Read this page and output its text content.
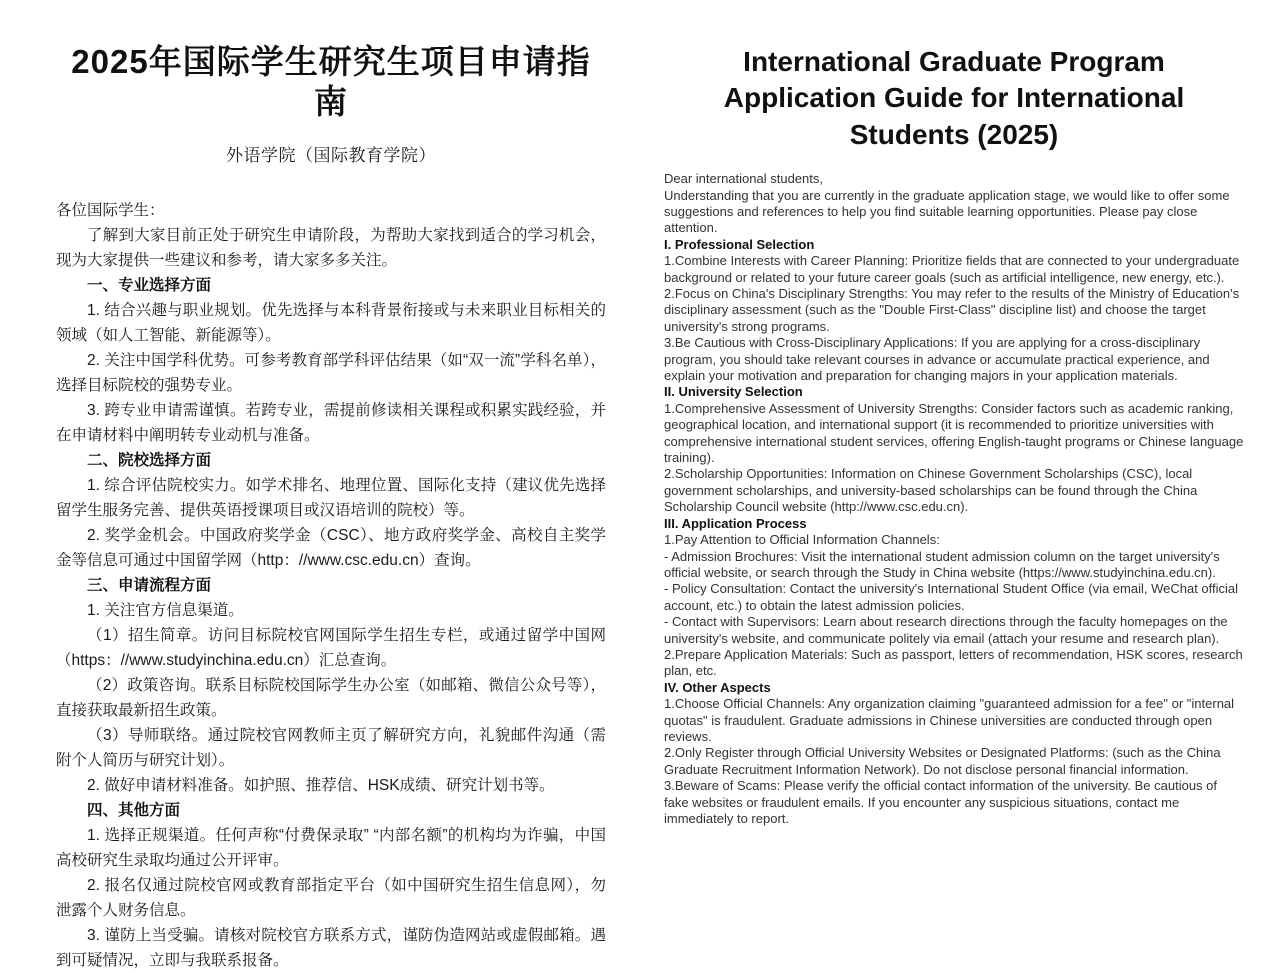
2025年国际学生研究生项目申请指南

外语学院（国际教育学院）

各位国际学生：

了解到大家目前正处于研究生申请阶段，为帮助大家找到适合的学习机会，现为大家提供一些建议和参考，请大家多多关注。

一、专业选择方面

1. 结合兴趣与职业规划。优先选择与本科背景衔接或与未来职业目标相关的领域（如人工智能、新能源等）。

2. 关注中国学科优势。可参考教育部学科评估结果（如“双一流”学科名单），选择目标院校的强势专业。

3. 跨专业申请需谨慎。若跨专业，需提前修读相关课程或积累实践经验，并在申请材料中阐明转专业动机与准备。

二、院校选择方面

1. 综合评估院校实力。如学术排名、地理位置、国际化支持（建议优先选择留学生服务完善、提供英语授课项目或汉语培训的院校）等。

2. 奖学金机会。中国政府奖学金（CSC）、地方政府奖学金、高校自主奖学金等信息可通过中国留学网（http：//www.csc.edu.cn）查询。

三、申请流程方面

1. 关注官方信息渠道。

（1）招生简章。访问目标院校官网国际学生招生专栏，或通过留学中国网（https：//www.studyinchina.edu.cn）汇总查询。

（2）政策咨询。联系目标院校国际学生办公室（如邮箱、微信公众号等），直接获取最新招生政策。

（3）导师联络。通过院校官网教师主页了解研究方向，礼貌邮件沟通（需附个人简历与研究计划）。

2. 做好申请材料准备。如护照、推荐信、HSK成绩、研究计划书等。

四、其他方面

1. 选择正规渠道。任何声称“付费保录取” “内部名额”的机构均为诈骗，中国高校研究生录取均通过公开评审。

2. 报名仅通过院校官网或教育部指定平台（如中国研究生招生信息网），勿泄露个人财务信息。

3. 谨防上当受骗。请核对院校官方联系方式，谨防伪造网站或虚假邮箱。遇到可疑情况，立即与我联系报备。

International Graduate Program Application Guide for International Students (2025)

Dear international students,

Understanding that you are currently in the graduate application stage, we would like to offer some suggestions and references to help you find suitable learning opportunities. Please pay close attention.

I. Professional Selection

1.Combine Interests with Career Planning: Prioritize fields that are connected to your undergraduate background or related to your future career goals (such as artificial intelligence, new energy, etc.).

2.Focus on China's Disciplinary Strengths: You may refer to the results of the Ministry of Education's disciplinary assessment (such as the "Double First-Class" discipline list) and choose the target university's strong programs.

3.Be Cautious with Cross-Disciplinary Applications: If you are applying for a cross-disciplinary program, you should take relevant courses in advance or accumulate practical experience, and explain your motivation and preparation for changing majors in your application materials.

II. University Selection

1.Comprehensive Assessment of University Strengths: Consider factors such as academic ranking, geographical location, and international support (it is recommended to prioritize universities with comprehensive international student services, offering English-taught programs or Chinese language training).

2.Scholarship Opportunities: Information on Chinese Government Scholarships (CSC), local government scholarships, and university-based scholarships can be found through the China Scholarship Council website (http://www.csc.edu.cn).

III. Application Process

1.Pay Attention to Official Information Channels:

- Admission Brochures: Visit the international student admission column on the target university's official website, or search through the Study in China website (https://www.studyinchina.edu.cn).

- Policy Consultation: Contact the university's International Student Office (via email, WeChat official account, etc.) to obtain the latest admission policies.

- Contact with Supervisors: Learn about research directions through the faculty homepages on the university's website, and communicate politely via email (attach your resume and research plan).

2.Prepare Application Materials: Such as passport, letters of recommendation, HSK scores, research plan, etc.

IV. Other Aspects

1.Choose Official Channels: Any organization claiming "guaranteed admission for a fee" or "internal quotas" is fraudulent. Graduate admissions in Chinese universities are conducted through open reviews.

2.Only Register through Official University Websites or Designated Platforms: (such as the China Graduate Recruitment Information Network). Do not disclose personal financial information.

3.Beware of Scams: Please verify the official contact information of the university. Be cautious of fake websites or fraudulent emails. If you encounter any suspicious situations, contact me immediately to report.
